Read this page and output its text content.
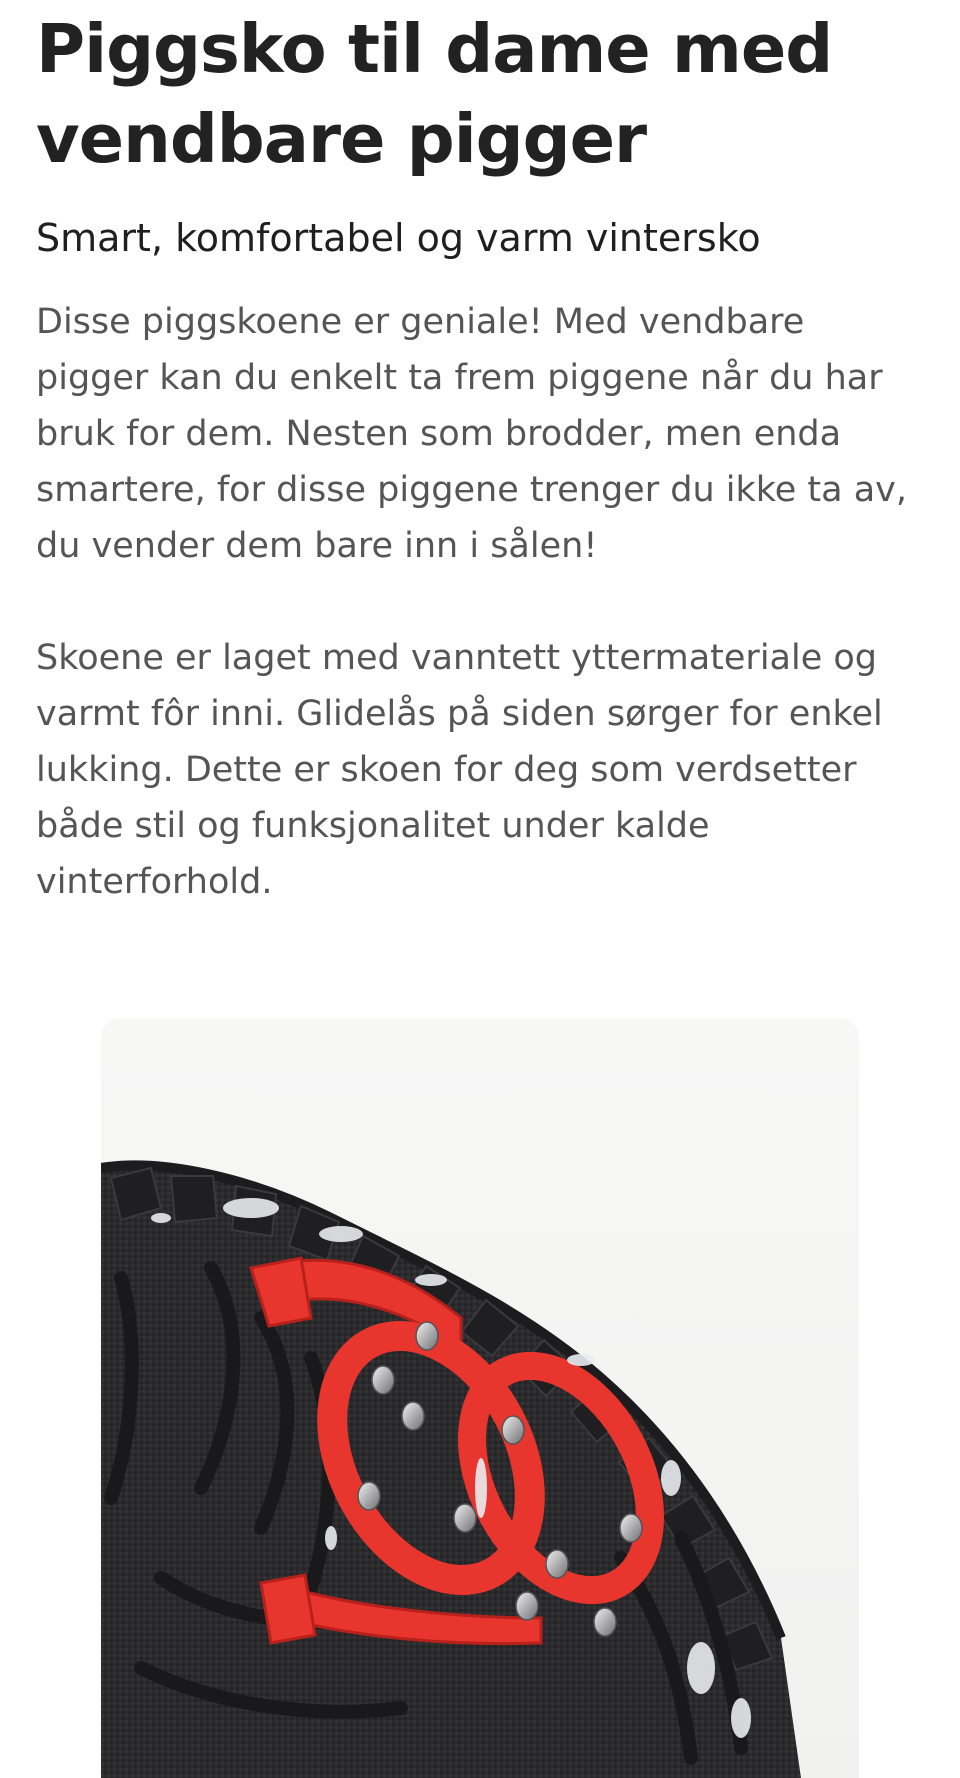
Piggsko til dame med vendbare pigger
Smart, komfortabel og varm vintersko

Disse piggskoene er geniale! Med vendbare pigger kan du enkelt ta frem piggene når du har bruk for dem. Nesten som brodder, men enda smartere, for disse piggene trenger du ikke ta av, du vender dem bare inn i sålen!

Skoene er laget med vanntett yttermateriale og varmt fôr inni. Glidelås på siden sørger for enkel lukking. Dette er skoen for deg som verdsetter både stil og funksjonalitet under kalde vinterforhold.
